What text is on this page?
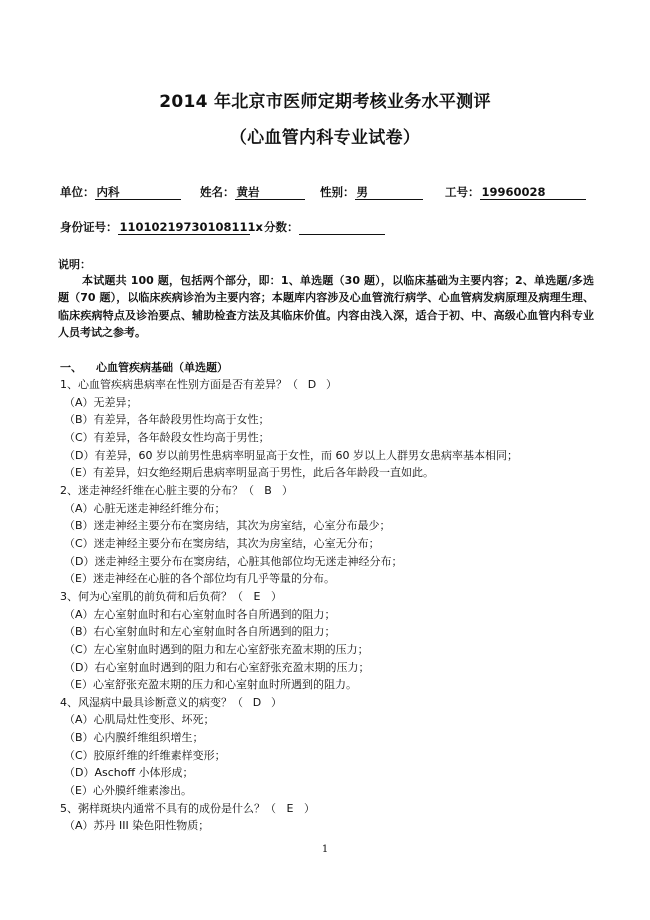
2014 年北京市医师定期考核业务水平测评
（心血管内科专业试卷）
单位： 内科	姓名： 黄岩	性别： 男	工号： 19960028
身份证号： 11010219730108111x 分数：
说明：
本试题共 100 题，包括两个部分，即：1、单选题（30 题），以临床基础为主要内容；2、单选题/多选题（70 题），以临床疾病诊治为主要内容；本题库内容涉及心血管流行病学、心血管病发病原理及病理生理、临床疾病特点及诊治要点、辅助检查方法及其临床价值。内容由浅入深，适合于初、中、高级心血管内科专业人员考试之参考。
一、	心血管疾病基础（单选题）
1、心血管疾病患病率在性别方面是否有差异？（ D ）
（A）无差异；
（B）有差异，各年龄段男性均高于女性；
（C）有差异，各年龄段女性均高于男性；
（D）有差异，60 岁以前男性患病率明显高于女性，而 60 岁以上人群男女患病率基本相同；
（E）有差异，妇女绝经期后患病率明显高于男性，此后各年龄段一直如此。
2、迷走神经纤维在心脏主要的分布？（ B ）
（A）心脏无迷走神经纤维分布；
（B）迷走神经主要分布在窦房结，其次为房室结，心室分布最少；
（C）迷走神经主要分布在窦房结，其次为房室结，心室无分布；
（D）迷走神经主要分布在窦房结，心脏其他部位均无迷走神经分布；
（E）迷走神经在心脏的各个部位均有几乎等量的分布。
3、何为心室肌的前负荷和后负荷？（ E ）
（A）左心室射血时和右心室射血时各自所遇到的阻力；
（B）右心室射血时和左心室射血时各自所遇到的阻力；
（C）左心室射血时遇到的阻力和左心室舒张充盈末期的压力；
（D）右心室射血时遇到的阻力和右心室舒张充盈末期的压力；
（E）心室舒张充盈末期的压力和心室射血时所遇到的阻力。
4、风湿病中最具诊断意义的病变？（ D ）
（A）心肌局灶性变形、坏死；
（B）心内膜纤维组织增生；
（C）胶原纤维的纤维素样变形；
（D）Aschoff 小体形成；
（E）心外膜纤维素渗出。
5、粥样斑块内通常不具有的成份是什么？（ E ）
（A）苏丹 III 染色阳性物质；
1
